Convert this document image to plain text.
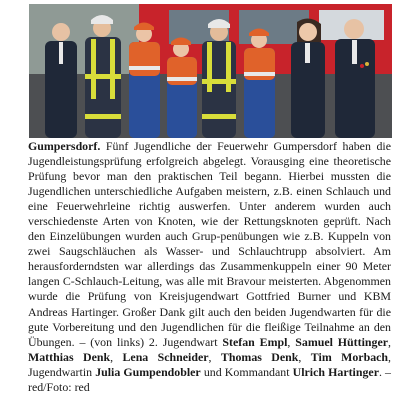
Gumpersdorf. Fünf Jugendliche der Feuerwehr Gumpersdorf haben die Jugendleistungsprüfung erfolgreich abgelegt. Vorausging eine theoretische Prüfung bevor man den praktischen Teil begann. Hierbei mussten die Jugendlichen unterschiedliche Aufgaben meistern, z.B. einen Schlauch und eine Feuerwehrleine richtig auswerfen. Unter anderem wurden auch verschiedenste Arten von Knoten, wie der Rettungsknoten geprüft. Nach den Einzelübungen wurden auch Grup-penübungen wie z.B. Kuppeln von zwei Saugschläuchen als Wasser- und Schlauchtrupp absolviert. Am herausforderndsten war allerdings das Zusammenkuppeln einer 90 Meter langen C-Schlauch-Leitung, was alle mit Bravour meisterten. Abgenommen wurde die Prüfung von Kreisjugendwart Gottfried Burner und KBM Andreas Hartinger. Großer Dank gilt auch den beiden Jugendwarten für die gute Vorbereitung und den Jugendlichen für die fleißige Teilnahme an den Übungen. – (von links) 2. Jugendwart Stefan Empl, Samuel Hüttinger, Matthias Denk, Lena Schneider, Thomas Denk, Tim Morbach, Jugendwartin Julia Gumpendobler und Kommandant Ulrich Hartinger. – red/Foto: red
